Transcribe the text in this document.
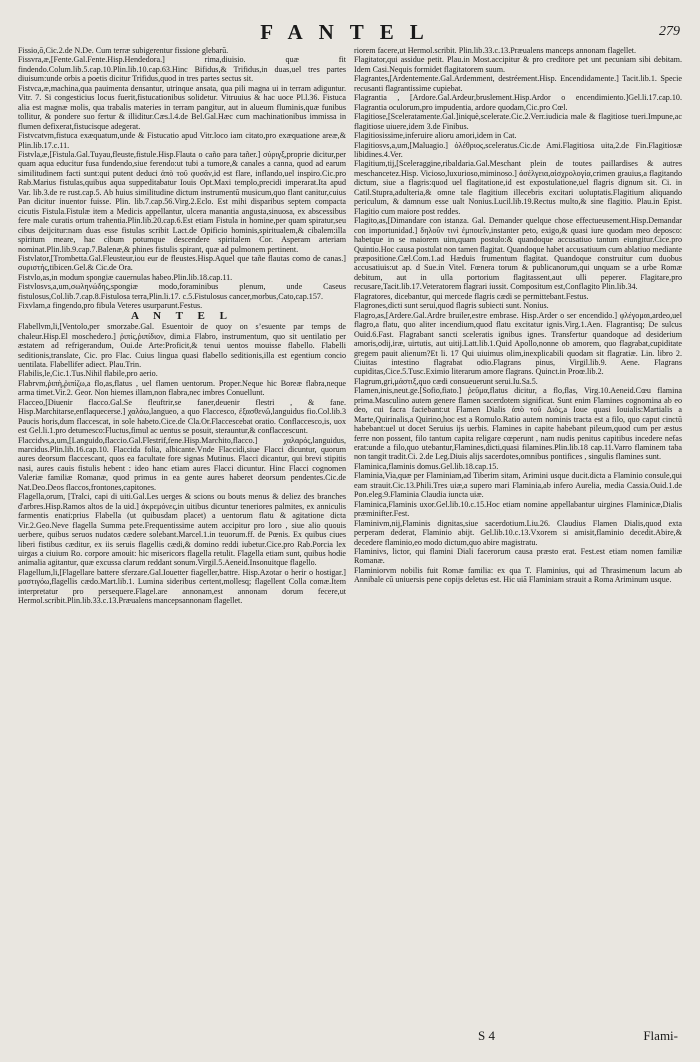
FANTEL	279

Fissio,ō,Cic.2.de N.De. Cum terræ subigerentur fissione glebarū.

Fissvra,æ,[Fente.Gal.Fente.Hisp.Hendedora.] rima,diuisio. quæ fit findendo.Colum.lib.5.cap.10.Plin.lib.10.cap.63.Hinc Bifidus,& Trifidus,in duas,uel tres partes diuisum:unde orbis a poetis dicitur Trifidus,quod in tres partes sectus sit.

Fistvca,æ,machina,qua pauimenta densantur, utrinque ansata, qua pili magna ui in terram adiguntur. Vitr. 7. Si congesticius locus fuerit,fistucationibus solidetur. Vitruuius & hac uoce Pl.l.36. Fistuca alia est magnæ molis, qua trabalis materies in terram pangitur, aut in alueum fluminis,quæ funibus tollitur, & pondere suo fertur & illiditur.Cæs.l.4.de Bel.Gal.Hæc cum machinationibus immissa in flumen defixerat,fistucisque adegerat.

Fistvcatvm,fistuca exæquatum,unde & Fistucatio apud Vitr.loco iam citato,pro exæquatione areæ,& Plin.lib.17.c.11.

Fistvla,æ,[Fistula.Gal.Tuyau,fleuste,fistule.Hisp.Flauta o caño para tañer.] σύριγξ,proprie dicitur,per quam aqua educitur fusa fundendo,siue ferendo:ut tubi a tumore,& canales a canna, quod ad earum similitudinem facti sunt:qui putent deduci ἀπὸ τοῦ φυσᾶν,id est flare, inflando,uel inspiro.Cic.pro Rab.Marius fistulas,quibus aqua suppeditabatur Iouis Opt.Maxi templo,precidi imperarat.Ita apud Var. lib.3.de re rust.cap.5. Ab huius similitudine dictum instrumentū musicum,quo flant canitur,cuius Pan dicitur inuentor fuisse. Plin. lib.7.cap.56.Virg.2.Eclo. Est mihi disparibus septem compacta cicutis Fistula.Fistulæ item a Medicis appellantur, ulcera manantia angusta,sinuosa, ex abscessibus fere male curatis ortum trahentia.Plin.lib.20.cap.6.Est etiam Fistula in homine,per quam spiratur,seu cibus deijcitur:nam duas esse fistulas scribit Lact.de Opificio hominis,spiritualem,& cibalem:illa spiritum meare, hac cibum potumque descendere spiritalem Cor. Asperam arteriam nominat.Plin.lib.9.cap.7.Balenæ,& phines fistulis spirant, quæ ad pulmonem pertinent.

Fistvlator,[Trombetta.Gal.Fleusteur,iou eur de fleustes.Hisp.Aquel que tañe flautas como de canas.] συριστής,tibicen.Gel.& Cic.de Ora.

Fistvlo,as,in modum spongiæ cauernulas habeo.Plin.lib.18.cap.11.

Fistvlosvs,a,um,σωληνώδης,spongiæ modo,foraminibus plenum, unde Caseus fistulosus,Col.lib.7.cap.8.Fistulosa terra,Plin.li.17. c.5.Fistulosus cancer,morbus,Cato,cap.157.

Fixvlam,a fingendo,pro fibula Veteres usurparunt.Festus.

A N T E L

Flabellvm,li,[Ventolo,per smorzabe.Gal. Esuentoir de quoy on s’esuente par temps de chaleur.Hisp.El moschedero.] ῥιπίς,ῥιπίδιον, dimi.a Flabro, instrumentum, quo sit uentilatio per æstatem ad refrigerandum, Oui.de Arte:Proficit,& tenui uentos mouisse flabello. Flabelli seditionis,translate, Cic. pro Flac. Cuius lingua quasi flabello seditionis,illa est egentium concio uentilata. Flabellifer adiect. Plau.Trin.

Flabilis,le,Cic.1.Tus.Nihil flabile,pro aerio.

Flabrvm,ῥιπὴ,ῥιπίζω,a flo,as,flatus , uel flamen uentorum. Proper.Neque hic Boreæ flabra,neque arma timet.Vir.2. Geor. Non hiemes illam,non flabra,nec imbres Conuellunt.

Flacceo,[Diuenir flacco.Gal.Se fleuftrir,se faner,deuenir flestri , & fane. Hisp.Marchitarse,enflaquecerse.] χαλάω,langueo, a quo Flaccesco, ἐξασθενῶ,languidus fio.Col.lib.3 Paucis horis,dum flaccescat, in sole habeto.Cice.de Cla.Or.Flaccescebat oratio. Conflaccesco,is, uox est Gel.li.1.pro detumesco:Fluctus,fimul ac uentus se posuit, sterauntur,& conflaccescunt.

Flaccidvs,a,um,[Languido,flaccio.Gal.Flestrif,fene.Hisp.Marchito,flacco.] χαλαρός,languidus, marcidus.Plin.lib.16.cap.10. Flaccida folia, albicante.Vnde Flaccidi,siue Flacci dicuntur, quorum aures deorsum flaccescant, quos ea facultate fore signas Mutinus. Flacci dicantur, qui brevi stipitis nasi, aures cauis fistulis hebent : ideo hanc etiam aures Flacci dicuntur. Hinc Flacci cognomen Valeriæ familiæ Romanæ, quod primus in ea gente aures haberet deorsum pendentes.Cic.de Nat.Deo.Deos flaccos,frontones,capitones.

Flagella,orum, [Tralci, capi di uiti.Gal.Les uerges & scions ou bouts menus & deliez des branches d'arbres.Hisp.Ramos altos de la uid.] ἀκρεμόνες,in uitibus dicuntur teneriores palmites, ex anniculis farmentis enati:prius Flabella (ut quibusdam placet) a uentorum flatu & agitatione dicta Vir.2.Geo.Neve flagella Summa pete.Frequentissime autem accipitur pro loro , siue alio quouis uerbere, quibus seruos nudatos cædere solebant.Marcel.1.in teuorum.ff. de Pœnis. Ex quibus ciues liberi fistibus cæditur, ex iis seruis flagellis cædi,& domino reddi iubetur.Cice.pro Rab.Porcia lex uirgas a ciuium Ro. corpore amouit: hic misericors flagella retulit. Flagella etiam sunt, quibus hodie animalia agitantur, quæ excussa clarum reddant sonum.Virgil.5.Aeneid.Insonuitque flagello.

Flagellum,li,[Flagellare battere sferzare.Gal.Iouetter fiageller,battre. Hisp.Azotar o herir o hostigar.] μαστιγόω,flagellis cædo.Mart.lib.1. Lumina sideribus certent,mollesq; flagellent Colla comæ.Item interpretatur pro persequere.Flagel.are annonam,est annonam dorum fecere,ut Hermol.scribit.Plin.lib.33.c.13.Præualens mancepsannonam flagellet.

riorem facere,ut Hermol.scribit. Plin.lib.33.c.13.Præualens manceps annonam flagellet.

Flagitator,qui assidue petit. Plau.in Most.accipitur & pro creditore pet unt pecuniam sibi debitam. Idem Casi.Nequis formidet flagitatorem suum.

Flagrantes,[Ardentemente.Gal.Ardemment, destréement.Hisp. Encendidamente.] Tacit.lib.1. Specie recusanti flagrantissime cupiebat.

Flagrantia , [Ardore.Gal.Ardeur,bruslement.Hisp.Ardor o encendimiento.]Gel.li.17.cap.10. Flagrantia oculorum,pro impudentia, ardore quodam,Cic.pro Cœl.

Flagitiose,[Sceleratamente.Gal.]iniquè,scelerate.Cic.2.Verr.iudicia male & flagitiose tueri.Impune,ac flagitiose uiuere,idem 3.de Finibus.

Flagitiosissime,inferuire alioru amori,idem in Cat.

Flagitiosvs,a,um,[Maluagio.] ὀλέθριος,sceleratus.Cic.de Ami.Flagitiosa uita,2.de Fin.Flagitiosæ libidines.4.Ver.

Flagitium,tij,[Sceleraggine,ribaldaria.Gal.Meschant plein de toutes paillardises & autres meschancetez.Hisp. Vicioso,luxurioso,miminoso.] ἀσέλγεια,αἰσχρολογία,crimen grauius,a flagitando dictum, siue a flagris:quod uel flagitatione,id est expostulatione,uel flagris dignum sit. Ci. in Catil.Stupra,adulteria,& omne tale flagitium illecebris excitari uoluptatis.Flagitium aliquando periculum, & damnum esse ualt Nonius.Lucil.lib.19.Rectus multo,& sine flagitio. Plau.in Epist. Flagitio cum maiore post reddes.

Flagito,as,[Dimandare con istanza. Gal. Demander quelque chose effectueusement.Hisp.Demandar con importunidad.] δηλοῦν τινὶ ἐμποιεῖν,instanter peto, exigo,& quasi iure quodam meo deposco: habetque in se maiorem uim,quam postulo:& quandoque accusatiuo tantum eiungitur.Cice.pro Quintio.Hoc causa postulat non tamen flagitat. Quandoque habet accusatiuum cum ablatiuo mediante præpositione.Cæl.Com.1.ad Hæduis frumentum flagitat. Quandoque construitur cum duobus accusatiuis:ut ap. d Sue.in Vitel. Fœnera torum & publicanorum,qui unquam se a urbe Romæ debitum, aut in ulla portorium flagitassent,aut ulli peperer. Flagitare,pro recusare,Tacit.lib.17.Veteratorem flagrari iussit. Compositum est,Conflagito Plin.lib.34.

Flagratores, dicebantur, qui mercede flagris cædi se permittebant.Festus.

Flagrones,dicti sunt serui,quod flagris subiecti sunt. Nonius.

Flagro,as,[Ardere.Gal.Ardre bruiler,estre embrase. Hisp.Arder o ser encendido.] φλέγομαι,ardeo,uel flagro,a flatu, quo aliter incendium,quod flatu excitatur ignis.Virg.1.Aen. Flagrantisq; De sulcus Ouid.6.Fast. Flagrabant sancti sceleratis ignibus ignes. Transfertur quandoque ad desiderium amoris,odij,iræ, uirtutis, aut uitij.Latt.lib.1.Quid Apollo,nonne ob amorem, quo flagrabat,cupiditate gregem pauit alienum?Et li. 17 Qui uiuimus olim,inexplicabili quodam sit flagratiæ. Lin. libro 2. Ciuitas intestino flagrabat odio.Flagrans pinus, Virgil.lib.9. Aene. Flagrans cupiditas,Cice.5.Tusc.Eximio literarum amore flagrans. Quinct.in Proœ.lib.2.

Flagrum,gri,μάστιξ,quo cædi consueuerunt serui.Iu.Sa.5.

Flamen,inis,neut.ge.[Sofio,fiato.] ῥεῦμα,flatus dicitur, a flo,flas, Virg.10.Aeneid.Cœu flamina prima.Masculino autem genere flamen sacerdotem significat. Sunt enim Flamines cognomina ab eo deo, cui facra faciebant:ut Flamen Dialis ἀπὸ τοῦ Διός,a Ioue quasi Iouialis:Martialis a Marte,Quirinalis,a Quirino,hoc est a Romulo.Ratio autem nominis tracta est a filo, quo caput cinctū habebant:uel ut docet Seruius ijs uerbis. Flamines in capite habebant pileum,quod cum per æstus ferre non possent, filo tantum capita religare cœperunt , nam nudis penitus capitibus incedere nefas erat:unde a filo,quo utebantur,Flamines,dicti,quasi filamines.Plin.lib.18 cap.11.Varro flaminem taba non tangit tradit.Ci. 2.de Leg.Diuis alijs sacerdotes,omnibus pontifices , singulis flamines sunt.

Flaminica,flaminis domus.Gel.lib.18.cap.15.

Flaminia,Via,quæ per Flaminiam,ad Tiberim sitam, Arimini usque ducit.dicta a Flaminio consule,qui eam strauit.Cic.13.Phili.Tres uiæ,a supero mari Flaminia,ab infero Aurelia, media Cassia.Ouid.1.de Pon.eleg.9.Flaminia Claudia iuncta uiæ.

Flaminica,Flaminis uxor.Gel.lib.10.c.15.Hoc etiam nomine appellabantur uirgines Flaminicæ,Dialis præminifter.Fest.

Flaminivm,nij,Flaminis dignitas,siue sacerdotium.Liu.26. Claudius Flamen Dialis,quod exta perperam dederat, Flaminio abijt. Gel.lib.10.c.13.Vxorem si amisit,flaminio decedit.Abire,& decedere flaminio,eo modo dictum,quo abire magistratu.

Flaminivs, lictor, qui flamini Diali facerorum causa præsto erat. Fest.est etiam nomen familiæ Romanæ.

Flaminiorvm nobilis fuit Romæ familia: ex qua T. Flaminius, qui ad Thrasimenum lacum ab Annibale cū uniuersis pene copijs deletus est. Hic uiā Flaminiam strauit a Roma Ariminum usque.

S 4	Flami-
